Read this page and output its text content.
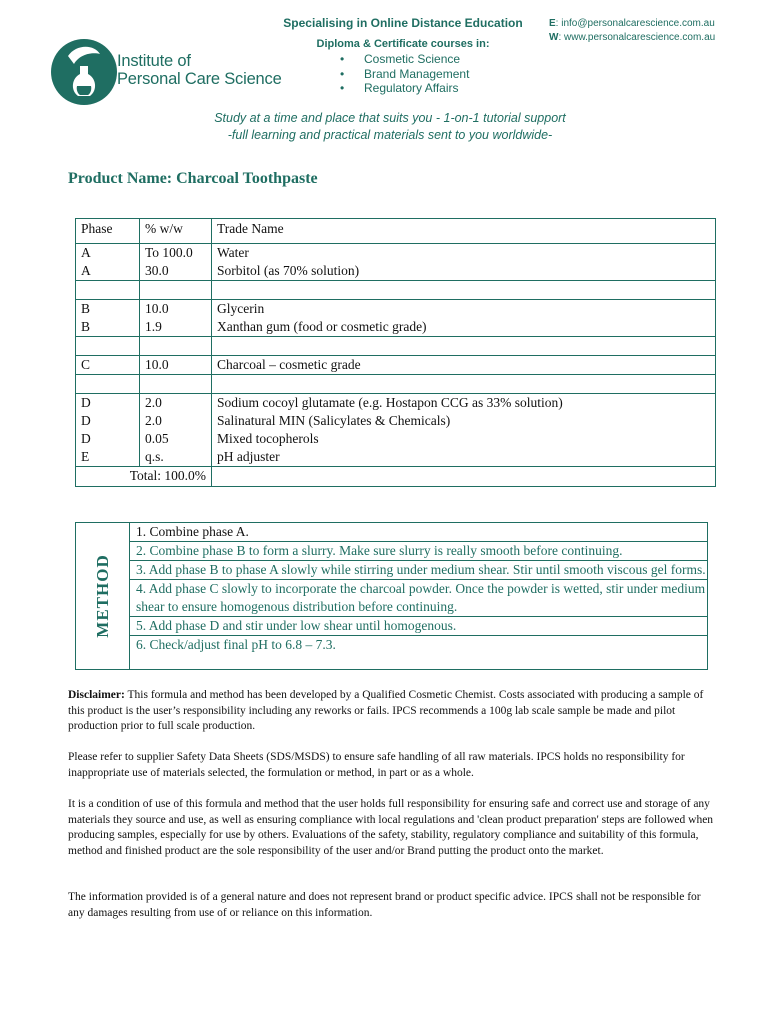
Institute of
Personal Care Science
Specialising in Online Distance Education
Diploma & Certificate courses in:
• Cosmetic Science
• Brand Management
• Regulatory Affairs
E: info@personalcarescience.com.au
W: www.personalcarescience.com.au
Study at a time and place that suits you - 1-on-1 tutorial support
-full learning and practical materials sent to you worldwide-
Product Name: Charcoal Toothpaste
Phase	% w/w	Trade Name
A	To 100.0	Water
A	30.0	Sorbitol (as 70% solution)

B	10.0	Glycerin
B	1.9	Xanthan gum (food or cosmetic grade)

C	10.0	Charcoal – cosmetic grade

D	2.0	Sodium cocoyl glutamate (e.g. Hostapon CCG as 33% solution)
D	2.0	Salinatural MIN (Salicylates & Chemicals)
D	0.05	Mixed tocopherols
E	q.s.	pH adjuster
Total: 100.0%		
METHOD
1. Combine phase A.
2. Combine phase B to form a slurry. Make sure slurry is really smooth before continuing.
3. Add phase B to phase A slowly while stirring under medium shear. Stir until smooth viscous gel forms.
4. Add phase C slowly to incorporate the charcoal powder. Once the powder is wetted, stir under medium shear to ensure homogenous distribution before continuing.
5. Add phase D and stir under low shear until homogenous.
6. Check/adjust final pH to 6.8 – 7.3.
Disclaimer: This formula and method has been developed by a Qualified Cosmetic Chemist. Costs associated with producing a sample of this product is the user’s responsibility including any reworks or fails. IPCS recommends a 100g lab scale sample be made and pilot production prior to full scale production.
Please refer to supplier Safety Data Sheets (SDS/MSDS) to ensure safe handling of all raw materials. IPCS holds no responsibility for inappropriate use of materials selected, the formulation or method, in part or as a whole.
It is a condition of use of this formula and method that the user holds full responsibility for ensuring safe and correct use and storage of any materials they source and use, as well as ensuring compliance with local regulations and 'clean product preparation' steps are followed when producing samples, especially for use by others. Evaluations of the safety, stability, regulatory compliance and suitability of this formula, method and finished product are the sole responsibility of the user and/or Brand putting the product onto the market.
The information provided is of a general nature and does not represent brand or product specific advice. IPCS shall not be responsible for any damages resulting from use of or reliance on this information.
